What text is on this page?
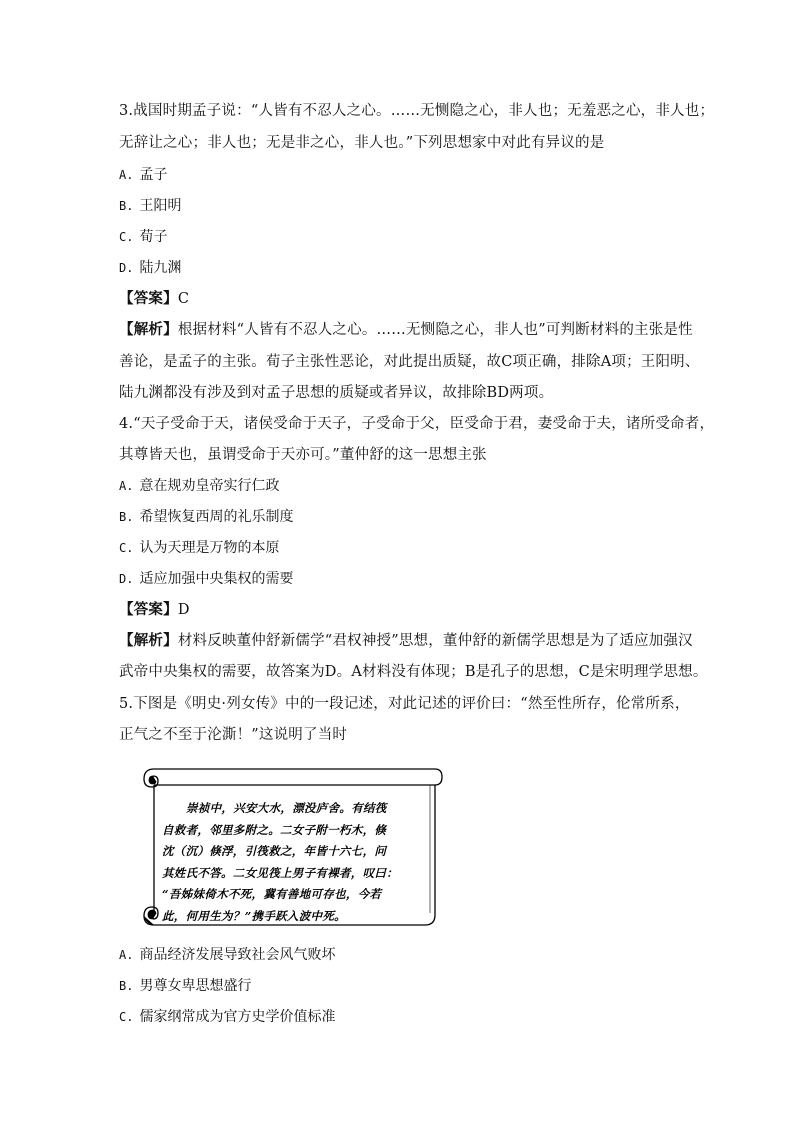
3.战国时期孟子说：“人皆有不忍人之心。……无恻隐之心，非人也；无羞恶之心，非人也；
无辞让之心；非人也；无是非之心，非人也。”下列思想家中对此有异议的是
A. 孟子
B. 王阳明
C. 荀子
D. 陆九渊
【答案】C
【解析】根据材料“人皆有不忍人之心。……无恻隐之心，非人也”可判断材料的主张是性
善论，是孟子的主张。荀子主张性恶论，对此提出质疑，故C项正确，排除A项；王阳明、
陆九渊都没有涉及到对孟子思想的质疑或者异议，故排除BD两项。
4.“天子受命于天，诸侯受命于天子，子受命于父，臣受命于君，妻受命于夫，诸所受命者，
其尊皆天也，虽谓受命于天亦可。”董仲舒的这一思想主张
A. 意在规劝皇帝实行仁政
B. 希望恢复西周的礼乐制度
C. 认为天理是万物的本原
D. 适应加强中央集权的需要
【答案】D
【解析】材料反映董仲舒新儒学“君权神授”思想，董仲舒的新儒学思想是为了适应加强汉
武帝中央集权的需要，故答案为D。A材料没有体现；B是孔子的思想，C是宋明理学思想。
5.下图是《明史·列女传》中的一段记述，对此记述的评价曰：“然至性所存，伦常所系，
正气之不至于沦澌！”这说明了当时
崇祯中，兴安大水，漂没庐舍。有结筏
自救者，邻里多附之。二女子附一朽木，倏
沈（沉）倏浮，引筏救之，年皆十六七，问
其姓氏不答。二女见筏上男子有裸者，叹曰：
“吾姊妹倚木不死，冀有善地可存也，今若
此，何用生为？”携手跃入波中死。
A. 商品经济发展导致社会风气败坏
B. 男尊女卑思想盛行
C. 儒家纲常成为官方史学价值标准
